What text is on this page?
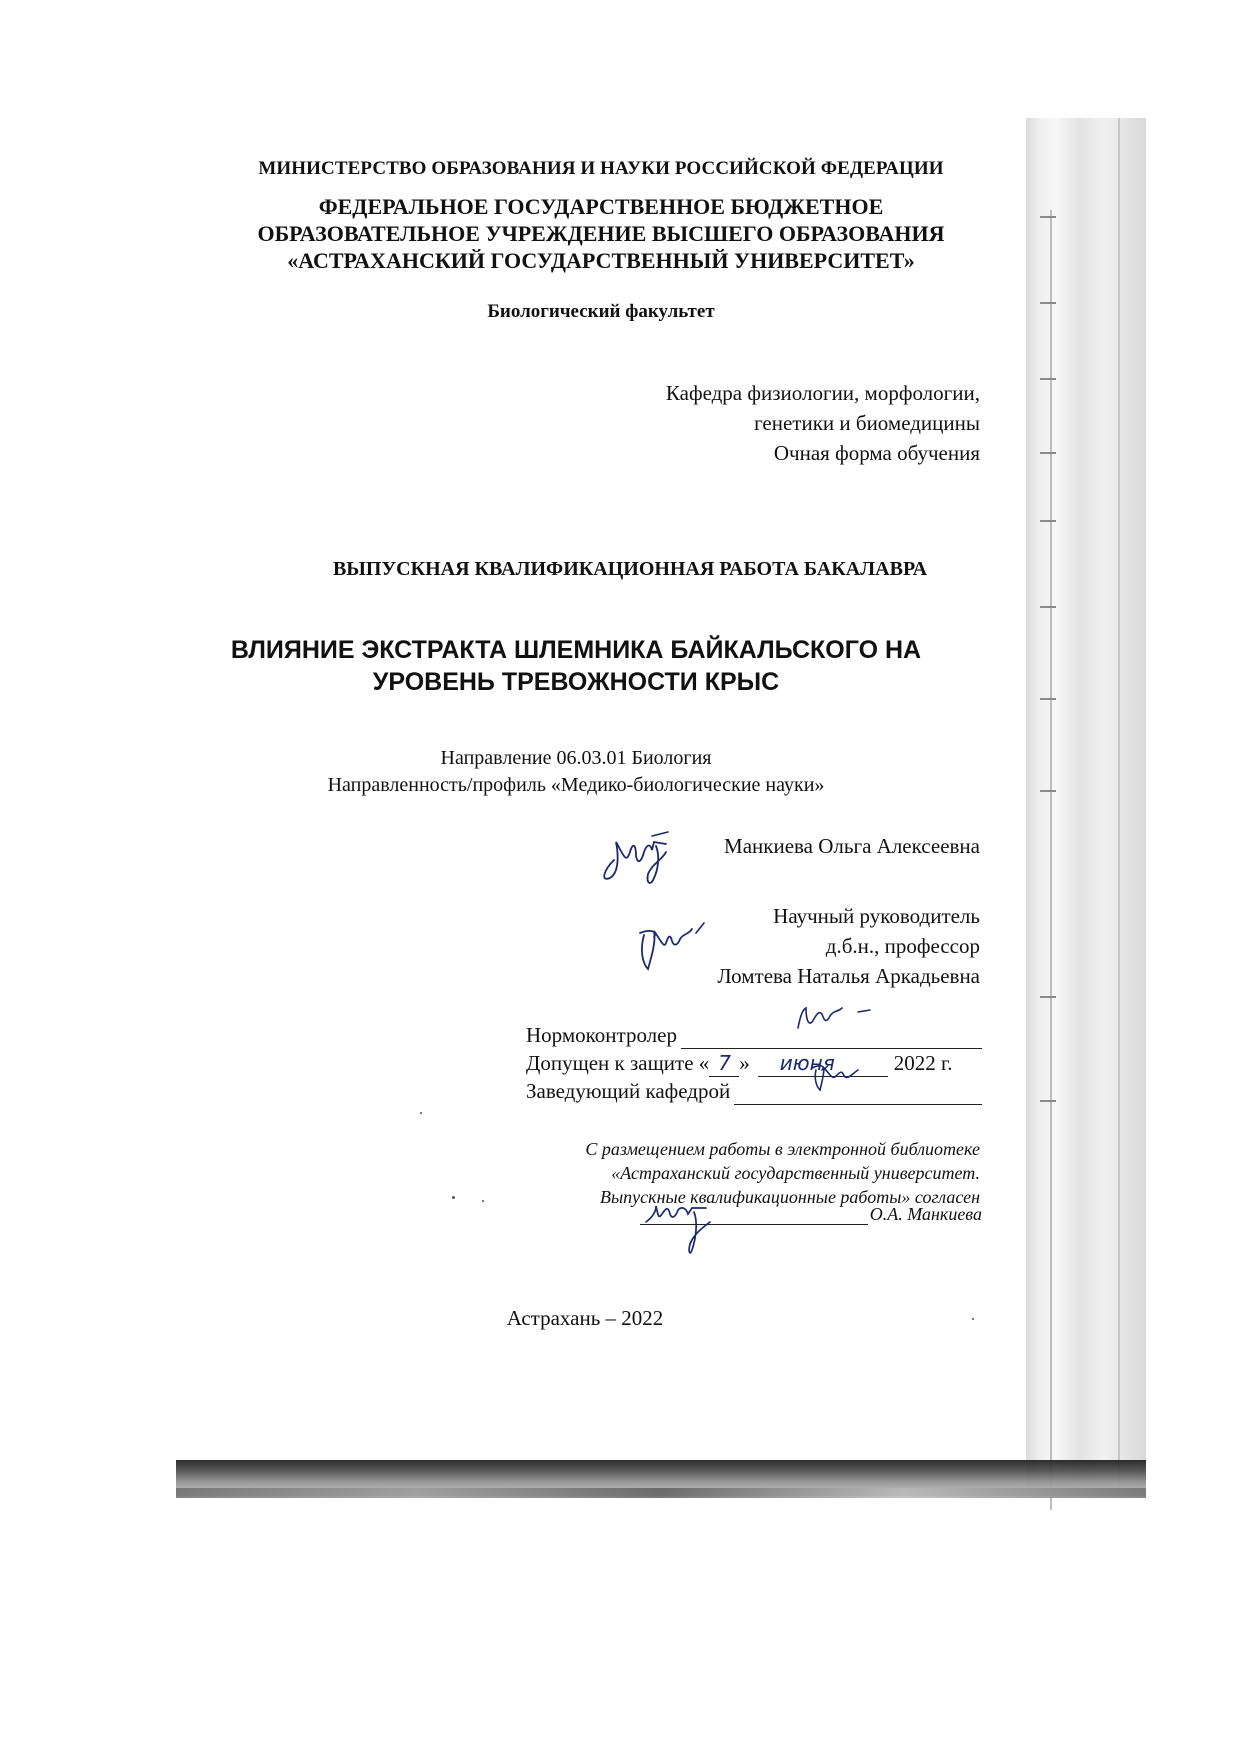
МИНИСТЕРСТВО ОБРАЗОВАНИЯ И НАУКИ РОССИЙСКОЙ ФЕДЕРАЦИИ
ФЕДЕРАЛЬНОЕ ГОСУДАРСТВЕННОЕ БЮДЖЕТНОЕ
ОБРАЗОВАТЕЛЬНОЕ УЧРЕЖДЕНИЕ ВЫСШЕГО ОБРАЗОВАНИЯ
«АСТРАХАНСКИЙ ГОСУДАРСТВЕННЫЙ УНИВЕРСИТЕТ»
Биологический факультет
Кафедра физиологии, морфологии,
генетики и биомедицины
Очная форма обучения
ВЫПУСКНАЯ КВАЛИФИКАЦИОННАЯ РАБОТА БАКАЛАВРА
ВЛИЯНИЕ ЭКСТРАКТА ШЛЕМНИКА БАЙКАЛЬСКОГО НА
УРОВЕНЬ ТРЕВОЖНОСТИ КРЫС
Направление 06.03.01 Биология
Направленность/профиль «Медико-биологические науки»
Манкиева Ольга Алексеевна
Научный руководитель
д.б.н., профессор
Ломтева Наталья Аркадьевна
Нормоконтролер
Допущен к защите « 7 » июня	2022 г.
Заведующий кафедрой
С размещением работы в электронной библиотеке
«Астраханский государственный университет.
Выпускные квалификационные работы» согласен
О.А. Манкиева
Астрахань – 2022
